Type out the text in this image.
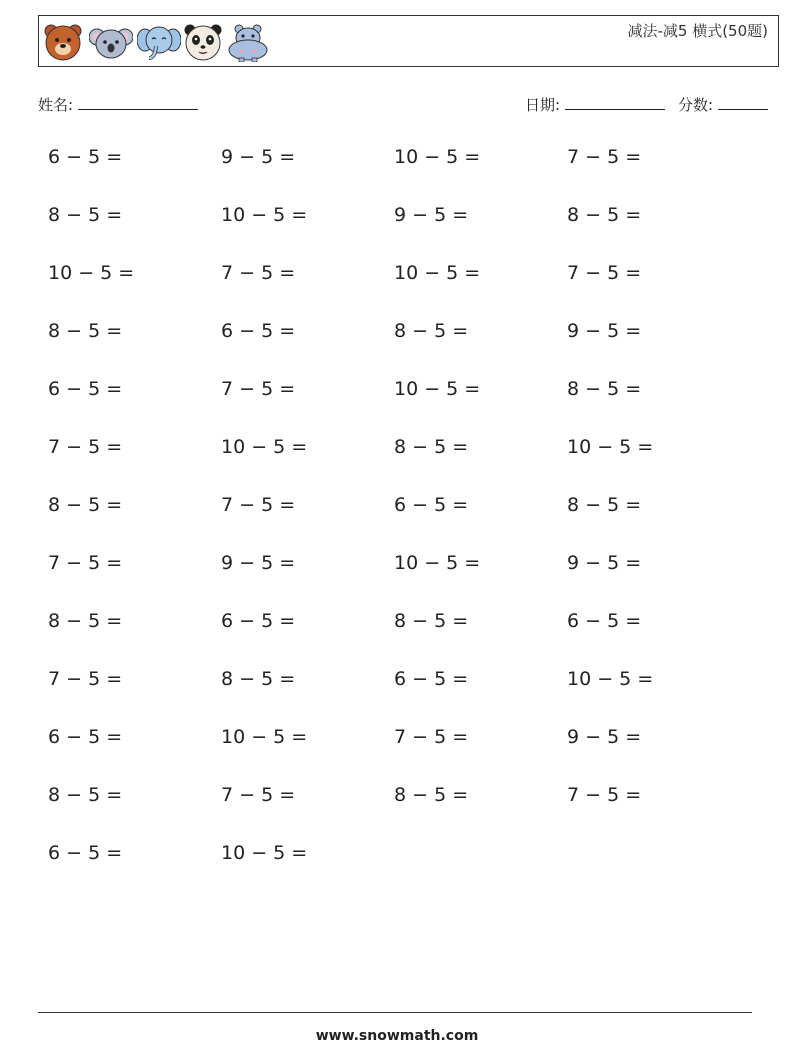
减法-减5 横式(50题)
姓名:	日期:	分数:
6 − 5 =	9 − 5 =	10 − 5 =	7 − 5 =
8 − 5 =	10 − 5 =	9 − 5 =	8 − 5 =
10 − 5 =	7 − 5 =	10 − 5 =	7 − 5 =
8 − 5 =	6 − 5 =	8 − 5 =	9 − 5 =
6 − 5 =	7 − 5 =	10 − 5 =	8 − 5 =
7 − 5 =	10 − 5 =	8 − 5 =	10 − 5 =
8 − 5 =	7 − 5 =	6 − 5 =	8 − 5 =
7 − 5 =	9 − 5 =	10 − 5 =	9 − 5 =
8 − 5 =	6 − 5 =	8 − 5 =	6 − 5 =
7 − 5 =	8 − 5 =	6 − 5 =	10 − 5 =
6 − 5 =	10 − 5 =	7 − 5 =	9 − 5 =
8 − 5 =	7 − 5 =	8 − 5 =	7 − 5 =
6 − 5 =	10 − 5 =
www.snowmath.com
